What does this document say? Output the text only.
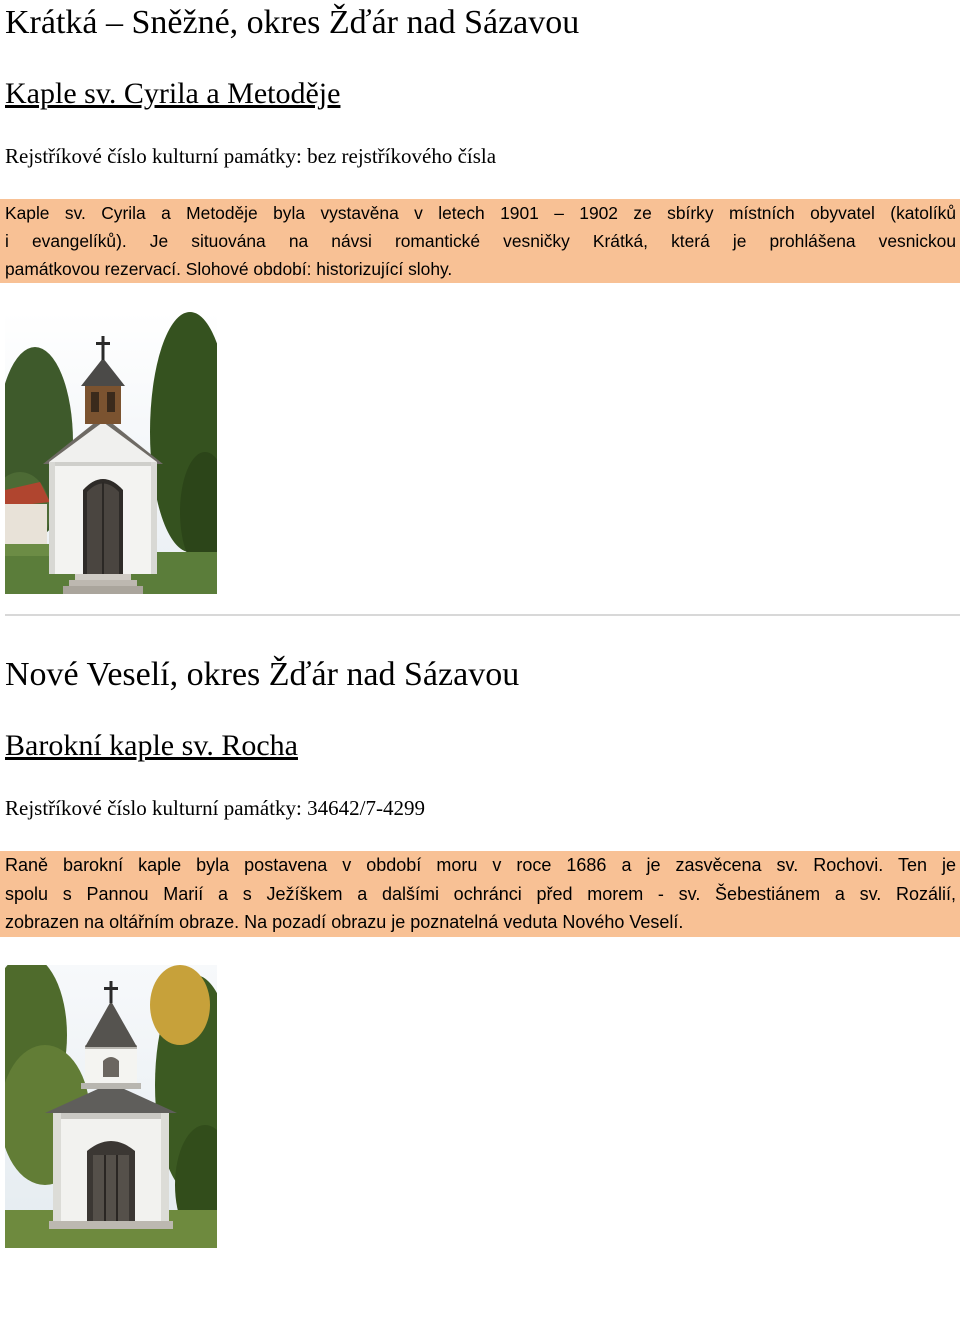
Krátká – Sněžné, okres Žďár nad Sázavou
Kaple sv. Cyrila a Metoděje
Rejstříkové číslo kulturní památky: bez rejstříkového čísla
Kaple sv. Cyrila a Metoděje byla vystavěna v letech 1901 – 1902 ze sbírky místních obyvatel (katolíků
i evangelíků). Je situována na návsi romantické vesničky Krátká, která je prohlášena vesnickou
památkovou rezervací. Slohové období: historizující slohy.
Nové Veselí, okres Žďár nad Sázavou
Barokní kaple sv. Rocha
Rejstříkové číslo kulturní památky: 34642/7-4299
Raně barokní kaple byla postavena v období moru v roce 1686 a je zasvěcena sv. Rochovi. Ten je
spolu s Pannou Marií a s Ježíškem a dalšími ochránci před morem - sv. Šebestiánem a sv. Rozálií,
zobrazen na oltářním obraze. Na pozadí obrazu je poznatelná veduta Nového Veselí.
